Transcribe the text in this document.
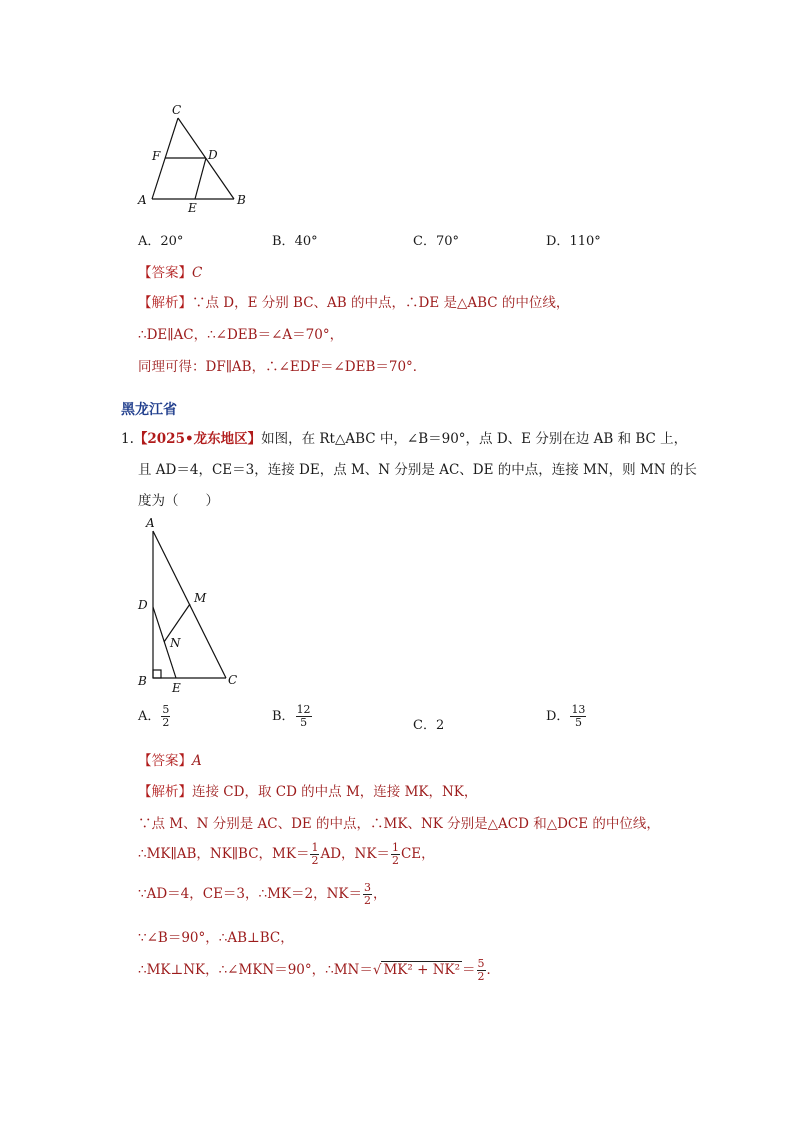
C
F	D
A
E
B
A．20°	B．40°	C．70°	D．110°
【答案】C
【解析】∵点 D，E 分别 BC、AB 的中点，∴DE 是△ABC 的中位线，
∴DE∥AC，∴∠DEB＝∠A＝70°，
同理可得：DF∥AB，∴∠EDF＝∠DEB＝70°．
黑龙江省
1.【2025•龙东地区】如图，在 Rt△ABC 中，∠B＝90°，点 D、E 分别在边 AB 和 BC 上，
且 AD＝4，CE＝3，连接 DE，点 M、N 分别是 AC、DE 的中点，连接 MN，则 MN 的长
度为（　　）
A
D	M
N
B E
C
A． $\frac{5}{2}$	B． $\frac{12}{5}$	C．2
D． $\frac{13}{5}$
【答案】A
【解析】连接 CD，取 CD 的中点 M，连接 MK，NK，
∵点 M、N 分别是 AC、DE 的中点，∴MK、NK 分别是△ACD 和△DCE 的中位线，
∴MK∥AB，NK∥BC，$MK= \frac{1}{2}$ AD，$NK= \frac{1}{2}$ CE，
∵AD＝4，CE＝3，∴MK＝2，$NK= \frac{3}{2}$ ，
∵∠B＝90°，∴AB⊥BC，
∴MK⊥NK，∴∠MKN＝90°，∴MN＝√ $MK^2 + NK^2 = \frac{5}{2}$ ．
